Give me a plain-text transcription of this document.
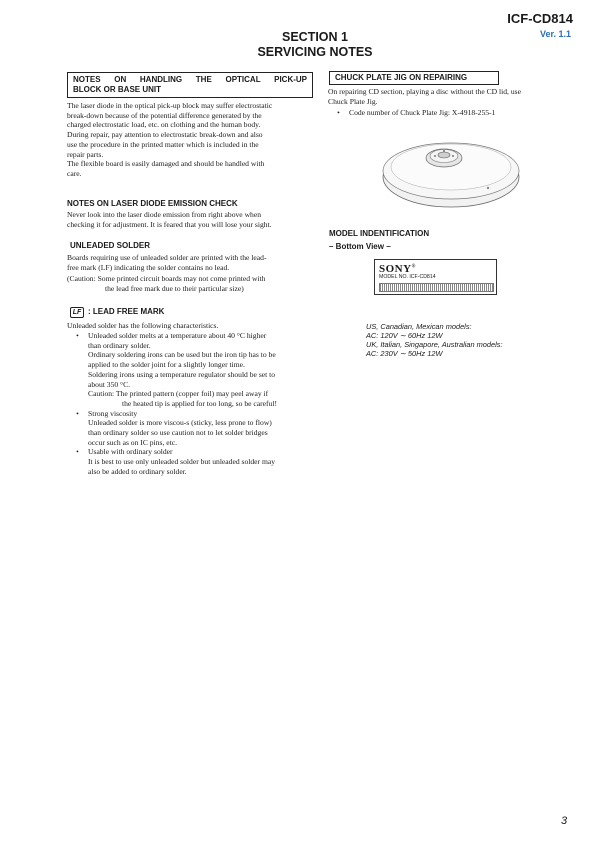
ICF-CD814
Ver. 1.1
SECTION 1
SERVICING NOTES
NOTES ON HANDLING THE OPTICAL PICK-UP
BLOCK OR BASE UNIT
The laser diode in the optical pick-up block may suffer electrostatic
break-down because of the potential difference generated by the
charged electrostatic load, etc. on clothing and the human body.
During repair, pay attention to electrostatic break-down and also
use the procedure in the printed matter which is included in the
repair parts.
The flexible board is easily damaged and should be handled with
care.
NOTES ON LASER DIODE EMISSION CHECK
Never look into the laser diode emission from right above when
checking it for adjustment. It is feared that you will lose your sight.
UNLEADED SOLDER
Boards requiring use of unleaded solder are printed with the lead-
free mark (LF) indicating the solder contains no lead.
(Caution: Some printed circuit boards may not come printed with
the lead free mark due to their particular size)
LF : LEAD FREE MARK
Unleaded solder has the following characteristics.
•	Unleaded solder melts at a temperature about 40 °C higher
than ordinary solder.
Ordinary soldering irons can be used but the iron tip has to be
applied to the solder joint for a slightly longer time.
Soldering irons using a temperature regulator should be set to
about 350 °C.
Caution: The printed pattern (copper foil) may peel away if
the heated tip is applied for too long, so be careful!
•	Strong viscosity
Unleaded solder is more viscou-s (sticky, less prone to flow)
than ordinary solder so use caution not to let solder bridges
occur such as on IC pins, etc.
•	Usable with ordinary solder
It is best to use only unleaded solder but unleaded solder may
also be added to ordinary solder.
CHUCK PLATE JIG ON REPAIRING
On repairing CD section, playing a disc without the CD lid, use
Chuck Plate Jig.
•	Code number of Chuck Plate Jig: X-4918-255-1
MODEL INDENTIFICATION
– Bottom View –
SONY®
MODEL NO. ICF-CD814
US, Canadian, Mexican models:
AC: 120V ∼ 60Hz 12W
UK, Italian, Singapore, Australian models:
AC: 230V ∼ 50Hz 12W
3
